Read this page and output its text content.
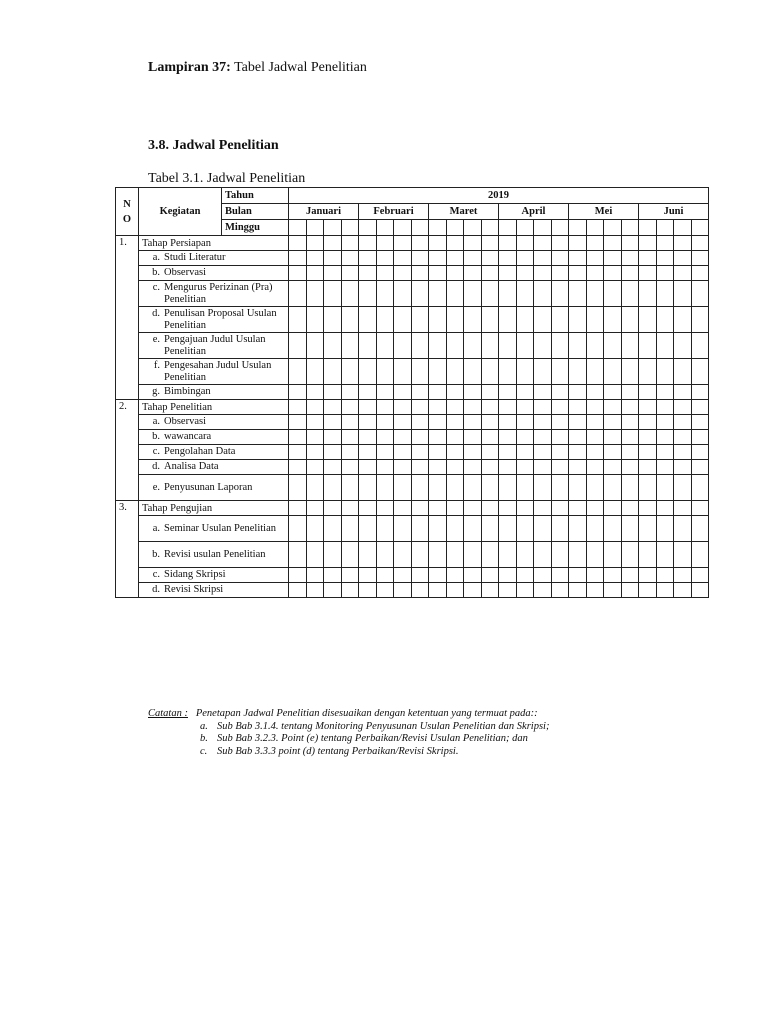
Lampiran 37: Tabel Jadwal Penelitian
3.8. Jadwal Penelitian
Tabel 3.1. Jadwal Penelitian
N
O	Kegiatan	Tahun	2019																							
		Bulan	Januari				Februari				Maret				April				Mei				Juni			
		Minggu																								
1.	Tahap Persiapan																									

	a. Studi Literatur																									

	b. Observasi																									

	c. Mengurus Perizinan (Pra) Penelitian																									

	d. Penulisan Proposal Usulan Penelitian																									

	e. Pengajuan Judul Usulan Penelitian																									

	f. Pengesahan Judul Usulan Penelitian																									

	g. Bimbingan																									

2.	Tahap Penelitian																									

	a. Observasi																									

	b. wawancara																									

	c. Pengolahan Data																									

	d. Analisa Data																									

	e. Penyusunan Laporan																									

3.	Tahap Pengujian																									

	a. Seminar Usulan Penelitian																									

	b. Revisi usulan Penelitian																									

	c. Sidang Skripsi																									

	d. Revisi Skripsi																									

Catatan : Penetapan Jadwal Penelitian disesuaikan dengan ketentuan yang termuat pada::
a. Sub Bab 3.1.4. tentang Monitoring Penyusunan Usulan Penelitian dan Skripsi;
b. Sub Bab 3.2.3. Point (e) tentang Perbaikan/Revisi Usulan Penelitian; dan
c. Sub Bab 3.3.3 point (d) tentang Perbaikan/Revisi Skripsi.
